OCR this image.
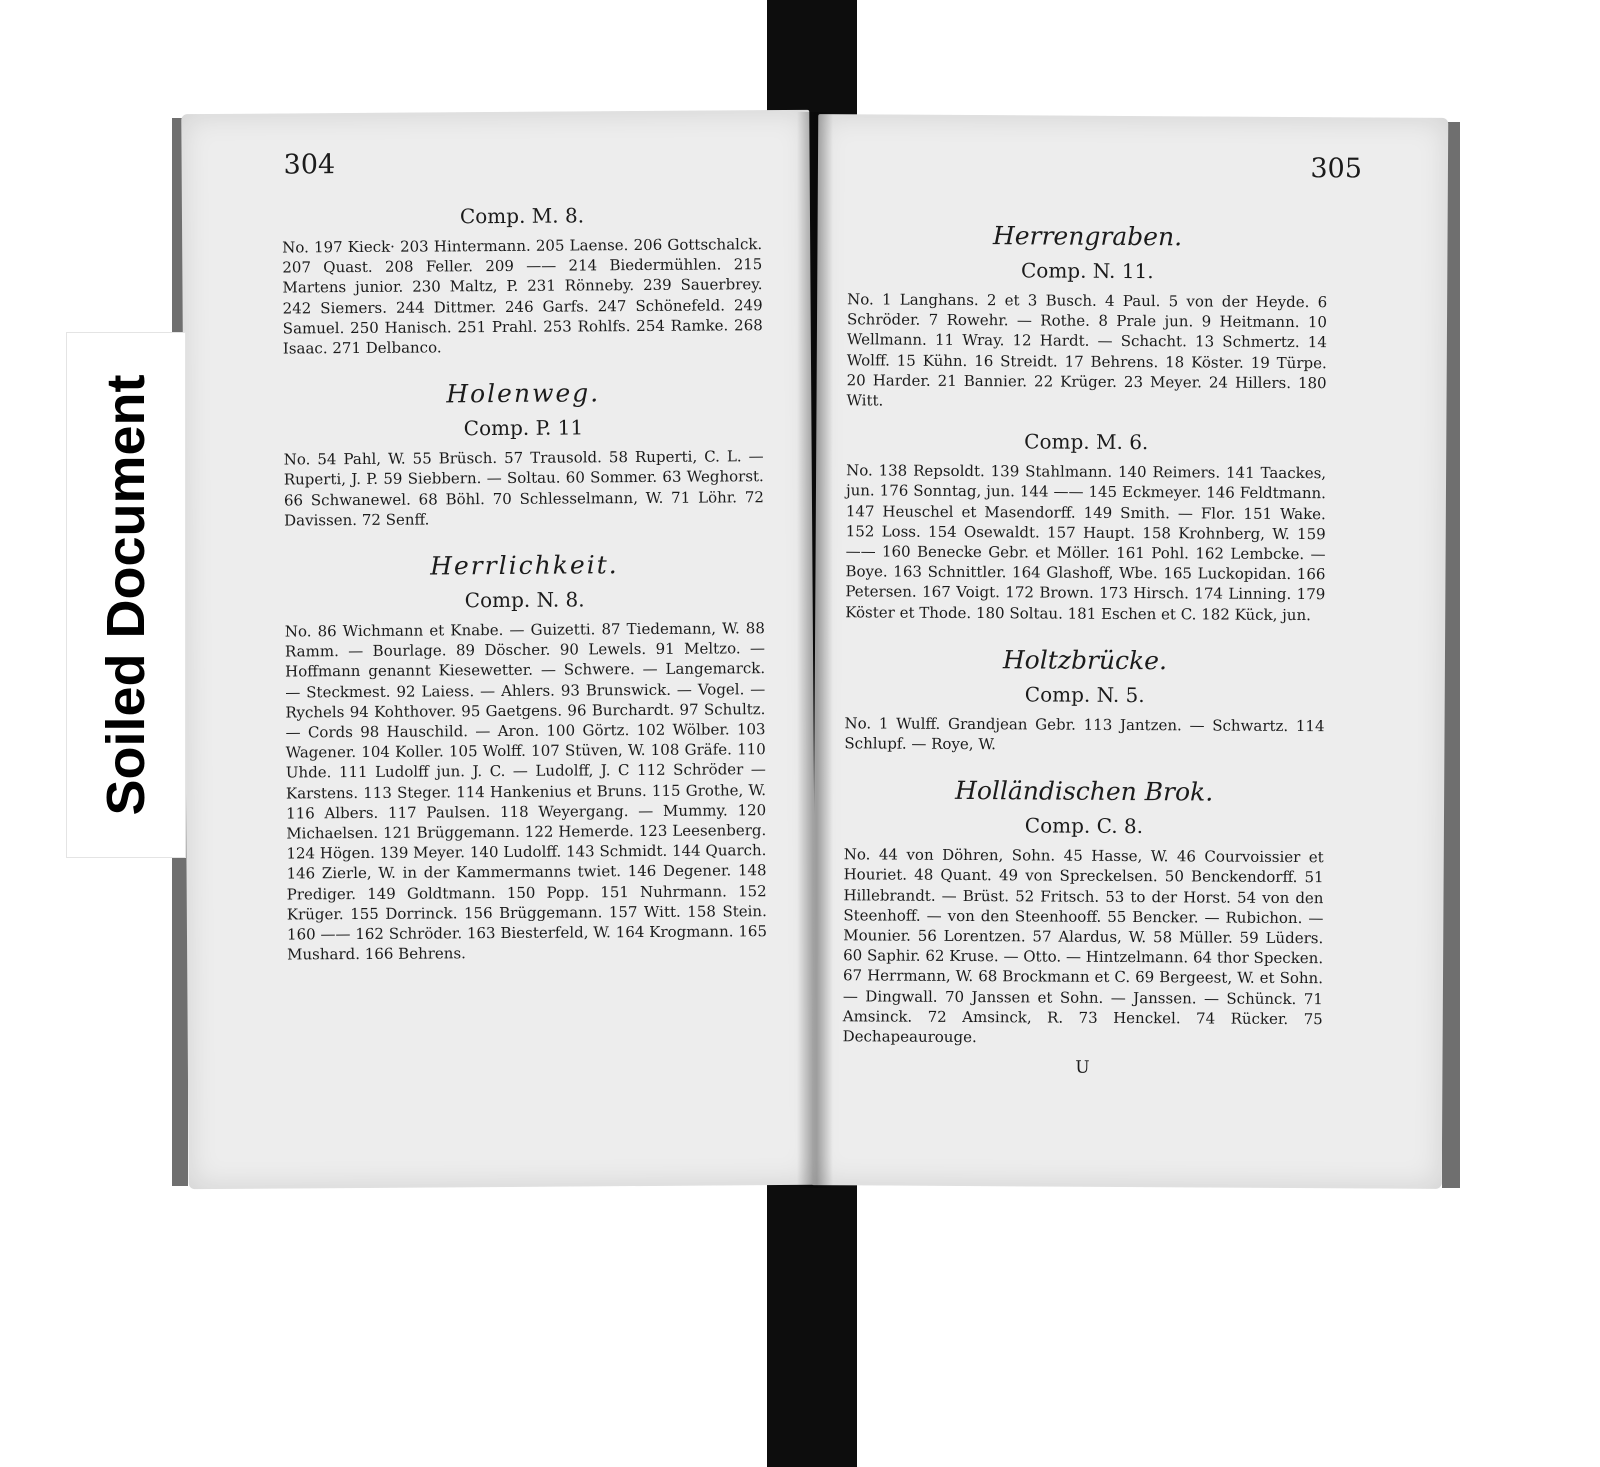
304
Comp. M. 8.

No. 197 Kieck· 203 Hintermann. 205 Laense. 206 Gottschalck. 207 Quast. 208 Feller. 209 —— 214 Biedermühlen. 215 Martens junior. 230 Maltz, P. 231 Rönneby. 239 Sauerbrey. 242 Siemers. 244 Dittmer. 246 Garfs. 247 Schönefeld. 249 Samuel. 250 Hanisch. 251 Prahl. 253 Rohlfs. 254 Ramke. 268 Isaac. 271 Delbanco.

Holenweg.
Comp. P. 11

No. 54 Pahl, W. 55 Brüsch. 57 Trausold. 58 Ruperti, C. L. — Ruperti, J. P. 59 Siebbern. — Soltau. 60 Sommer. 63 Weghorst. 66 Schwanewel. 68 Böhl. 70 Schlesselmann, W. 71 Löhr. 72 Davissen. 72 Senff.

Herrlichkeit.
Comp. N. 8.

No. 86 Wichmann et Knabe. — Guizetti. 87 Tiedemann, W. 88 Ramm. — Bourlage. 89 Döscher. 90 Lewels. 91 Meltzo. — Hoffmann genannt Kiesewetter. — Schwere. — Langemarck. — Steckmest. 92 Laiess. — Ahlers. 93 Brunswick. — Vogel. — Rychels 94 Kohthover. 95 Gaetgens. 96 Burchardt. 97 Schultz. — Cords 98 Hauschild. — Aron. 100 Görtz. 102 Wölber. 103 Wagener. 104 Koller. 105 Wolff. 107 Stüven, W. 108 Gräfe. 110 Uhde. 111 Ludolff jun. J. C. — Ludolff, J. C 112 Schröder — Karstens. 113 Steger. 114 Hankenius et Bruns. 115 Grothe, W. 116 Albers. 117 Paulsen. 118 Weyergang. — Mummy. 120 Michaelsen. 121 Brüggemann. 122 Hemerde. 123 Leesenberg. 124 Högen. 139 Meyer. 140 Ludolff. 143 Schmidt. 144 Quarch. 146 Zierle, W. in der Kammermanns twiet. 146 Degener. 148 Prediger. 149 Goldtmann. 150 Popp. 151 Nuhrmann. 152 Krüger. 155 Dorrinck. 156 Brüggemann. 157 Witt. 158 Stein. 160 —— 162 Schröder. 163 Biesterfeld, W. 164 Krogmann. 165 Mushard. 166 Behrens.

305
Herrengraben.
Comp. N. 11.

No. 1 Langhans. 2 et 3 Busch. 4 Paul. 5 von der Heyde. 6 Schröder. 7 Rowehr. — Rothe. 8 Prale jun. 9 Heitmann. 10 Wellmann. 11 Wray. 12 Hardt. — Schacht. 13 Schmertz. 14 Wolff. 15 Kühn. 16 Streidt. 17 Behrens. 18 Köster. 19 Türpe. 20 Harder. 21 Bannier. 22 Krüger. 23 Meyer. 24 Hillers. 180 Witt.

Comp. M. 6.

No. 138 Repsoldt. 139 Stahlmann. 140 Reimers. 141 Taackes, jun. 176 Sonntag, jun. 144 —— 145 Eckmeyer. 146 Feldtmann. 147 Heuschel et Masendorff. 149 Smith. — Flor. 151 Wake. 152 Loss. 154 Osewaldt. 157 Haupt. 158 Krohnberg, W. 159 —— 160 Benecke Gebr. et Möller. 161 Pohl. 162 Lembcke. — Boye. 163 Schnittler. 164 Glashoff, Wbe. 165 Luckopidan. 166 Petersen. 167 Voigt. 172 Brown. 173 Hirsch. 174 Linning. 179 Köster et Thode. 180 Soltau. 181 Eschen et C. 182 Kück, jun.

Holtzbrücke.
Comp. N. 5.

No. 1 Wulff. Grandjean Gebr. 113 Jantzen. — Schwartz. 114 Schlupf. — Roye, W.

Holländischen Brok.
Comp. C. 8.

No. 44 von Döhren, Sohn. 45 Hasse, W. 46 Courvoissier et Houriet. 48 Quant. 49 von Spreckelsen. 50 Benckendorff. 51 Hillebrandt. — Brüst. 52 Fritsch. 53 to der Horst. 54 von den Steenhoff. — von den Steenhooff. 55 Bencker. — Rubichon. — Mounier. 56 Lorentzen. 57 Alardus, W. 58 Müller. 59 Lüders. 60 Saphir. 62 Kruse. — Otto. — Hintzelmann. 64 thor Specken. 67 Herrmann, W. 68 Brockmann et C. 69 Bergeest, W. et Sohn. — Dingwall. 70 Janssen et Sohn. — Janssen. — Schünck. 71 Amsinck. 72 Amsinck, R. 73 Henckel. 74 Rücker. 75 Dechapeaurouge.

U
Soiled Document
